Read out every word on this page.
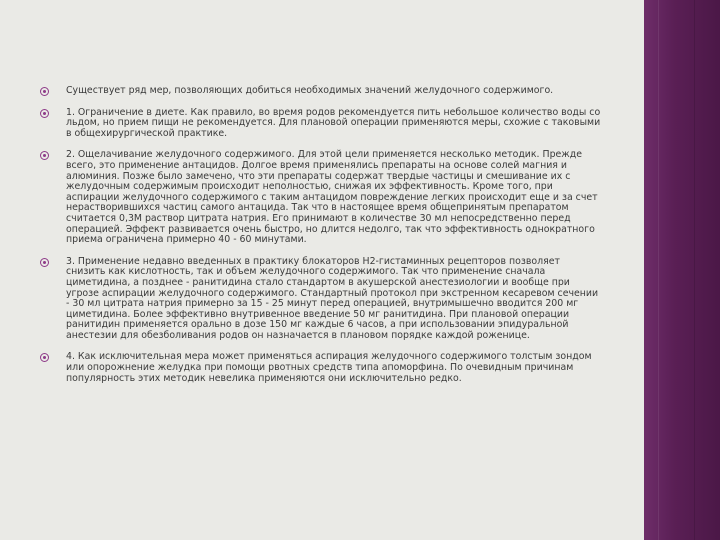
Существует ряд мер, позволяющих добиться необходимых значений желудочного содержимого.
1. Ограничение в диете. Как правило, во время родов рекомендуется пить небольшое количество воды со льдом, но прием пищи не рекомендуется. Для плановой операции применяются меры, схожие с таковыми в общехирургической практике.
2. Ощелачивание желудочного содержимого. Для этой цели применяется несколько методик. Прежде всего, это применение антацидов. Долгое время применялись препараты на основе солей магния и алюминия. Позже было замечено, что эти препараты содержат твердые частицы и смешивание их с желудочным содержимым происходит неполностью, снижая их эффективность. Кроме того, при аспирации желудочного содержимого с таким антацидом повреждение легких происходит еще и за счет нерастворившихся частиц самого антацида. Так что в настоящее время общепринятым препаратом считается 0,3М раствор цитрата натрия. Его принимают в количестве 30 мл непосредственно перед операцией. Эффект развивается очень быстро, но длится недолго, так что эффективность однократного приема ограничена примерно 40 - 60 минутами.
3. Применение недавно введенных в практику блокаторов Н2-гистаминных рецепторов позволяет снизить как кислотность, так и объем желудочного содержимого. Так что применение сначала циметидина, а позднее - ранитидина стало стандартом в акушерской анестезиологии и вообще при угрозе аспирации желудочного содержимого. Стандартный протокол при экстренном кесаревом сечении - 30 мл цитрата натрия примерно за 15 - 25 минут перед операцией, внутримышечно вводится 200 мг циметидина. Более эффективно внутривенное введение 50 мг ранитидина. При плановой операции ранитидин применяется орально в дозе 150 мг каждые 6 часов, а при использовании эпидуральной анестезии для обезболивания родов он назначается в плановом порядке каждой роженице.
4. Как исключительная мера может применяться аспирация желудочного содержимого толстым зондом или опорожнение желудка при помощи рвотных средств типа апоморфина. По очевидным причинам популярность этих методик невелика применяются они исключительно редко.
